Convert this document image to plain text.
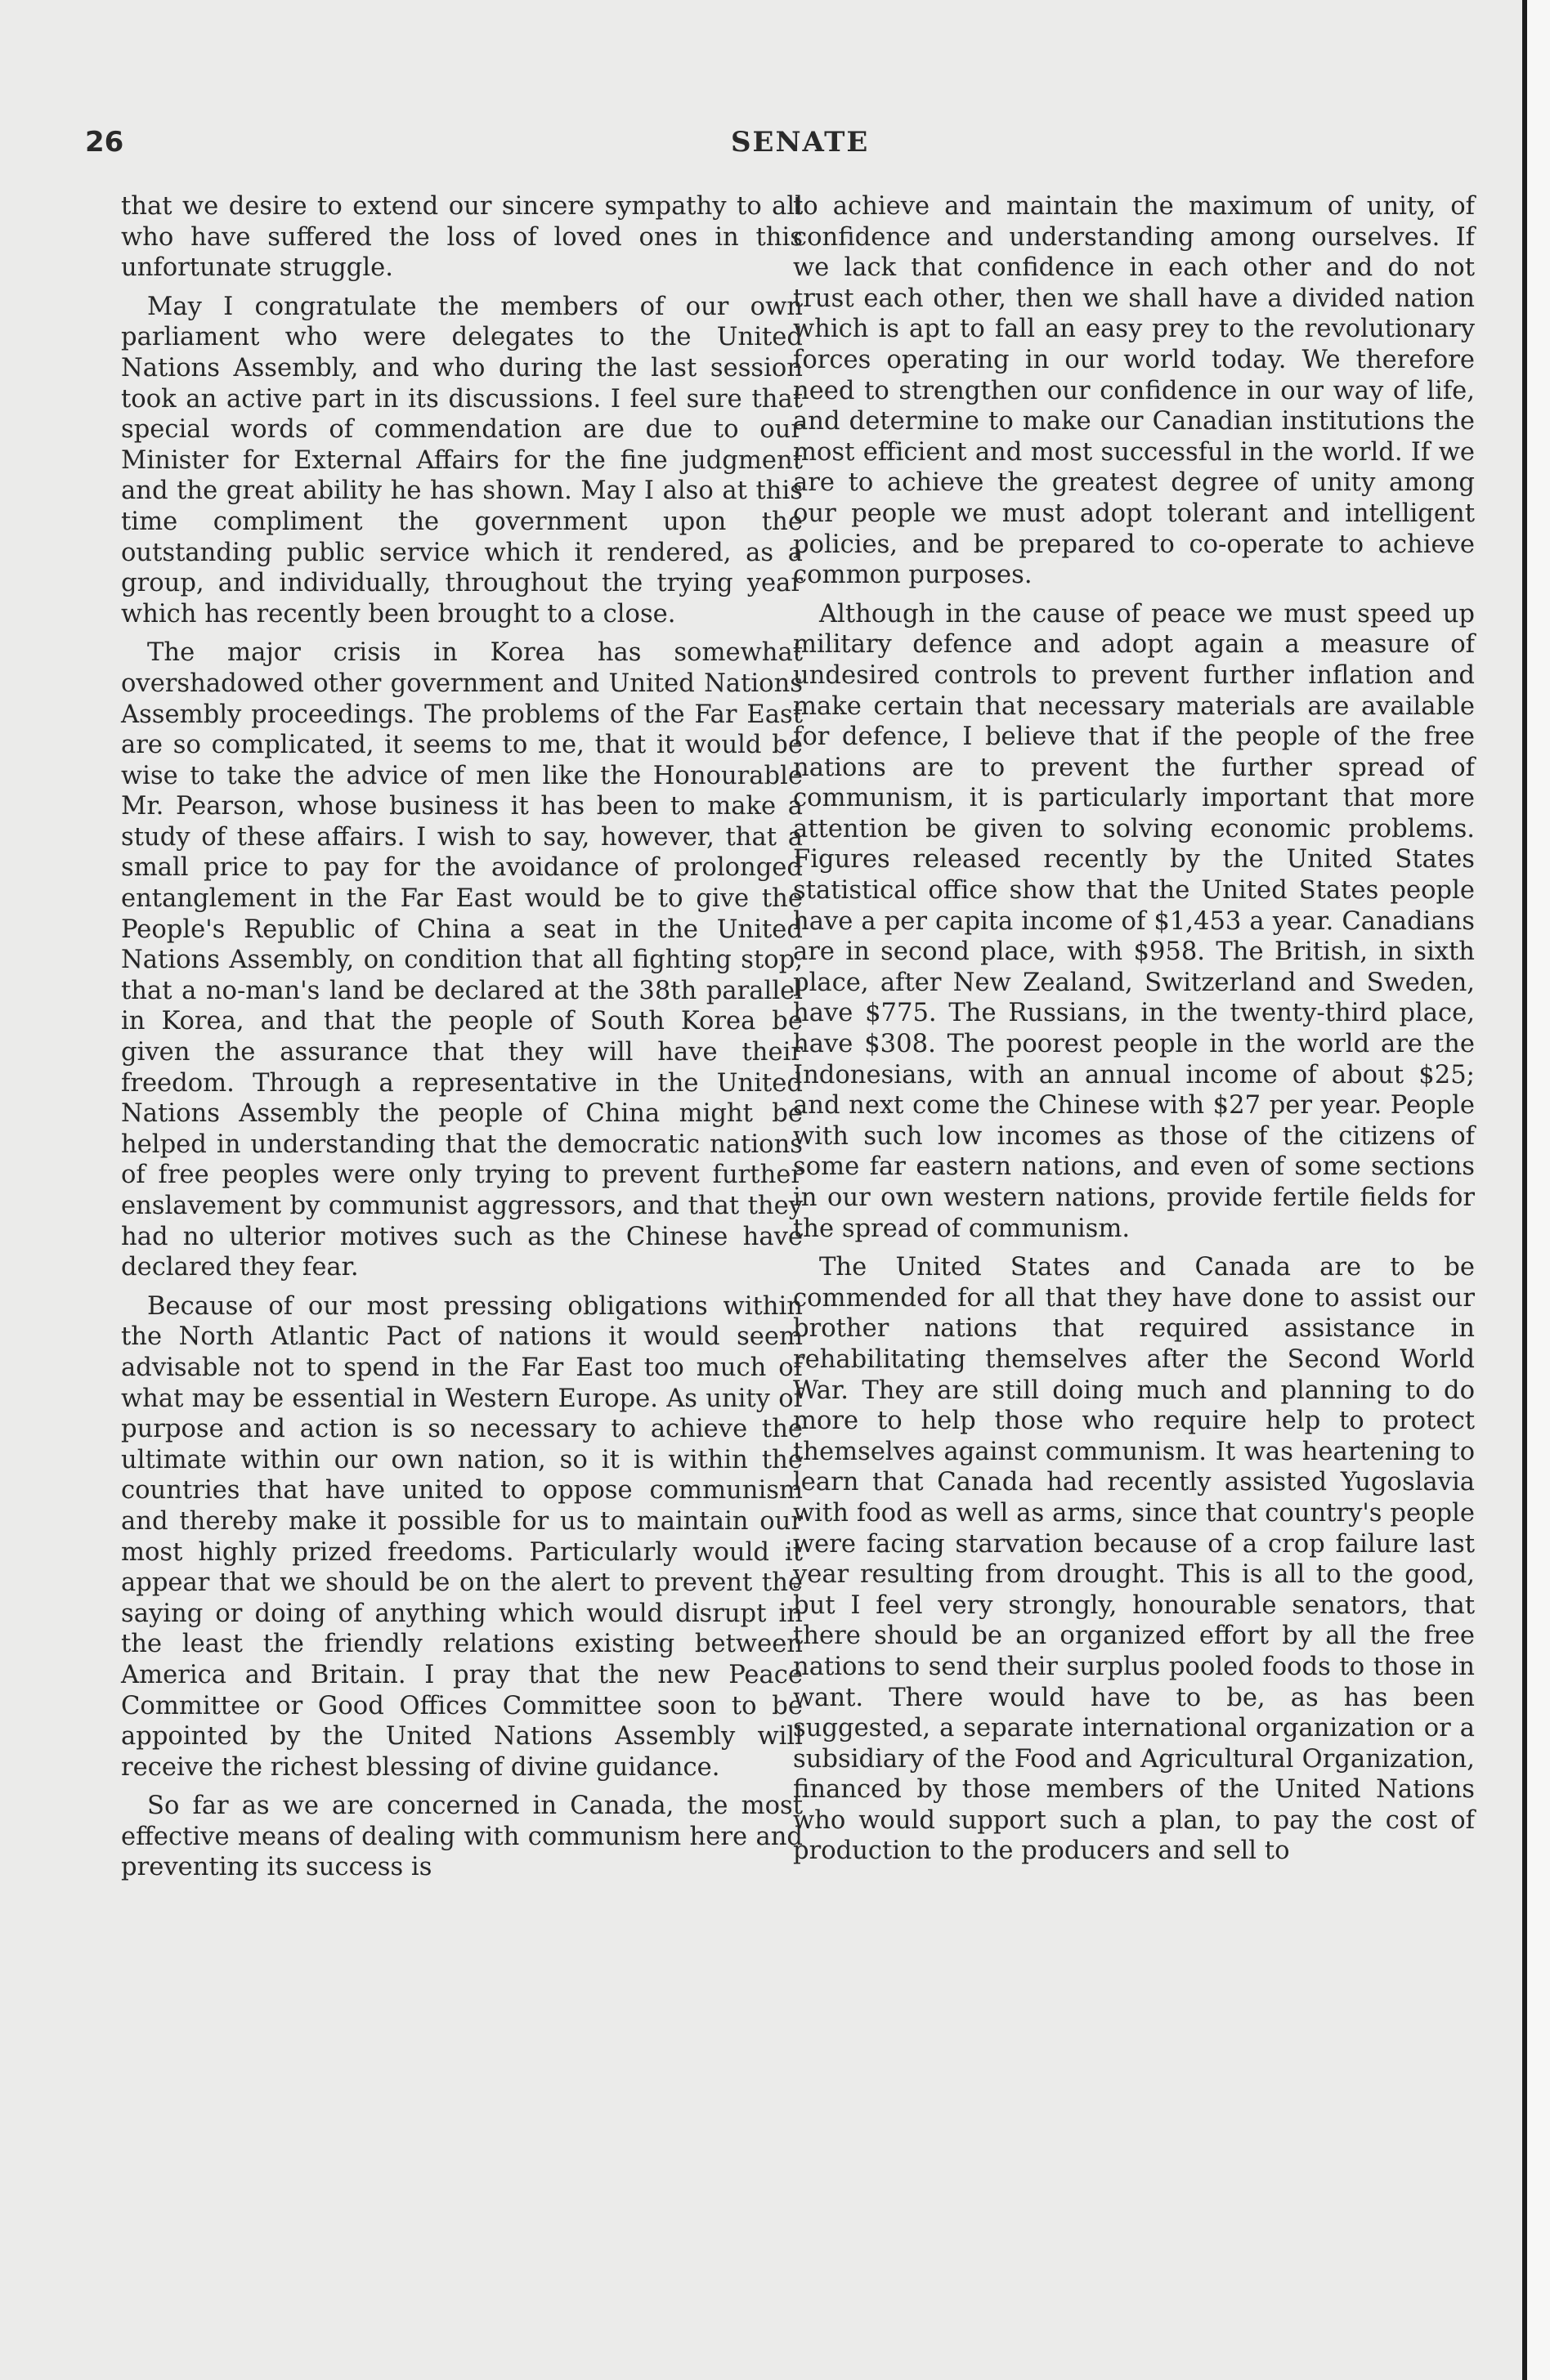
26	SENATE

that we desire to extend our sincere sympathy to all who have suffered the loss of loved ones in this unfortunate struggle.

May I congratulate the members of our own parliament who were delegates to the United Nations Assembly, and who during the last session took an active part in its discussions. I feel sure that special words of commendation are due to our Minister for External Affairs for the fine judgment and the great ability he has shown. May I also at this time compliment the government upon the outstanding public service which it rendered, as a group, and individually, throughout the trying year which has recently been brought to a close.

The major crisis in Korea has somewhat overshadowed other government and United Nations Assembly proceedings. The problems of the Far East are so complicated, it seems to me, that it would be wise to take the advice of men like the Honourable Mr. Pearson, whose business it has been to make a study of these affairs. I wish to say, however, that a small price to pay for the avoidance of prolonged entanglement in the Far East would be to give the People's Republic of China a seat in the United Nations Assembly, on condition that all fighting stop, that a no-man's land be declared at the 38th parallel in Korea, and that the people of South Korea be given the assurance that they will have their freedom. Through a representative in the United Nations Assembly the people of China might be helped in understanding that the democratic nations of free peoples were only trying to prevent further enslavement by communist aggressors, and that they had no ulterior motives such as the Chinese have declared they fear.

Because of our most pressing obligations within the North Atlantic Pact of nations it would seem advisable not to spend in the Far East too much of what may be essential in Western Europe. As unity of purpose and action is so necessary to achieve the ultimate within our own nation, so it is within the countries that have united to oppose communism and thereby make it possible for us to maintain our most highly prized freedoms. Particularly would it appear that we should be on the alert to prevent the saying or doing of anything which would disrupt in the least the friendly relations existing between America and Britain. I pray that the new Peace Committee or Good Offices Committee soon to be appointed by the United Nations Assembly will receive the richest blessing of divine guidance.

So far as we are concerned in Canada, the most effective means of dealing with communism here and preventing its success is

to achieve and maintain the maximum of unity, of confidence and understanding among ourselves. If we lack that confidence in each other and do not trust each other, then we shall have a divided nation which is apt to fall an easy prey to the revolutionary forces operating in our world today. We therefore need to strengthen our confidence in our way of life, and determine to make our Canadian institutions the most efficient and most successful in the world. If we are to achieve the greatest degree of unity among our people we must adopt tolerant and intelligent policies, and be prepared to co-operate to achieve common purposes.

Although in the cause of peace we must speed up military defence and adopt again a measure of undesired controls to prevent further inflation and make certain that necessary materials are available for defence, I believe that if the people of the free nations are to prevent the further spread of communism, it is particularly important that more attention be given to solving economic problems. Figures released recently by the United States statistical office show that the United States people have a per capita income of $1,453 a year. Canadians are in second place, with $958. The British, in sixth place, after New Zealand, Switzerland and Sweden, have $775. The Russians, in the twenty-third place, have $308. The poorest people in the world are the Indonesians, with an annual income of about $25; and next come the Chinese with $27 per year. People with such low incomes as those of the citizens of some far eastern nations, and even of some sections in our own western nations, provide fertile fields for the spread of communism.

The United States and Canada are to be commended for all that they have done to assist our brother nations that required assistance in rehabilitating themselves after the Second World War. They are still doing much and planning to do more to help those who require help to protect themselves against communism. It was heartening to learn that Canada had recently assisted Yugoslavia with food as well as arms, since that country's people were facing starvation because of a crop failure last year resulting from drought. This is all to the good, but I feel very strongly, honourable senators, that there should be an organized effort by all the free nations to send their surplus pooled foods to those in want. There would have to be, as has been suggested, a separate international organization or a subsidiary of the Food and Agricultural Organization, financed by those members of the United Nations who would support such a plan, to pay the cost of production to the producers and sell to
